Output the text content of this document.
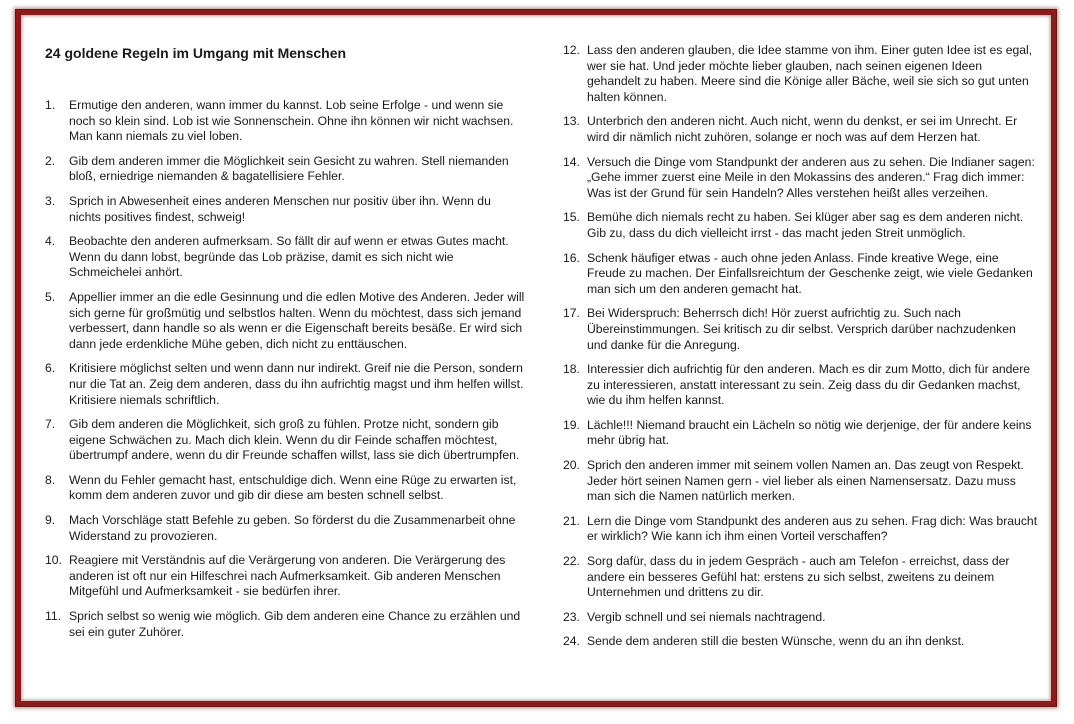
24 goldene Regeln im Umgang mit Menschen
1. Ermutige den anderen, wann immer du kannst. Lob seine Erfolge - und wenn sie noch so klein sind. Lob ist wie Sonnenschein. Ohne ihn können wir nicht wachsen. Man kann niemals zu viel loben.
2. Gib dem anderen immer die Möglichkeit sein Gesicht zu wahren. Stell niemanden bloß, erniedrige niemanden & bagatellisiere Fehler.
3. Sprich in Abwesenheit eines anderen Menschen nur positiv über ihn. Wenn du nichts positives findest, schweig!
4. Beobachte den anderen aufmerksam. So fällt dir auf wenn er etwas Gutes macht. Wenn du dann lobst, begründe das Lob präzise, damit es sich nicht wie Schmeichelei anhört.
5. Appellier immer an die edle Gesinnung und die edlen Motive des Anderen. Jeder will sich gerne für großmütig und selbstlos halten. Wenn du möchtest, dass sich jemand verbessert, dann handle so als wenn er die Eigenschaft bereits besäße. Er wird sich dann jede erdenkliche Mühe geben, dich nicht zu enttäuschen.
6. Kritisiere möglichst selten und wenn dann nur indirekt. Greif nie die Person, sondern nur die Tat an. Zeig dem anderen, dass du ihn aufrichtig magst und ihm helfen willst. Kritisiere niemals schriftlich.
7. Gib dem anderen die Möglichkeit, sich groß zu fühlen. Protze nicht, sondern gib eigene Schwächen zu. Mach dich klein. Wenn du dir Feinde schaffen möchtest, übertrumpf andere, wenn du dir Freunde schaffen willst, lass sie dich übertrumpfen.
8. Wenn du Fehler gemacht hast, entschuldige dich. Wenn eine Rüge zu erwarten ist, komm dem anderen zuvor und gib dir diese am besten schnell selbst.
9. Mach Vorschläge statt Befehle zu geben. So förderst du die Zusammenarbeit ohne Widerstand zu provozieren.
10. Reagiere mit Verständnis auf die Verärgerung von anderen. Die Verärgerung des anderen ist oft nur ein Hilfeschrei nach Aufmerksamkeit. Gib anderen Menschen Mitgefühl und Aufmerksamkeit - sie bedürfen ihrer.
11. Sprich selbst so wenig wie möglich. Gib dem anderen eine Chance zu erzählen und sei ein guter Zuhörer.
12. Lass den anderen glauben, die Idee stamme von ihm. Einer guten Idee ist es egal, wer sie hat. Und jeder möchte lieber glauben, nach seinen eigenen Ideen gehandelt zu haben. Meere sind die Könige aller Bäche, weil sie sich so gut unten halten können.
13. Unterbrich den anderen nicht. Auch nicht, wenn du denkst, er sei im Unrecht. Er wird dir nämlich nicht zuhören, solange er noch was auf dem Herzen hat.
14. Versuch die Dinge vom Standpunkt der anderen aus zu sehen. Die Indianer sagen: „Gehe immer zuerst eine Meile in den Mokassins des anderen.“ Frag dich immer: Was ist der Grund für sein Handeln? Alles verstehen heißt alles verzeihen.
15. Bemühe dich niemals recht zu haben. Sei klüger aber sag es dem anderen nicht. Gib zu, dass du dich vielleicht irrst - das macht jeden Streit unmöglich.
16. Schenk häufiger etwas - auch ohne jeden Anlass. Finde kreative Wege, eine Freude zu machen. Der Einfallsreichtum der Geschenke zeigt, wie viele Gedanken man sich um den anderen gemacht hat.
17. Bei Widerspruch: Beherrsch dich! Hör zuerst aufrichtig zu. Such nach Übereinstimmungen. Sei kritisch zu dir selbst. Versprich darüber nachzudenken und danke für die Anregung.
18. Interessier dich aufrichtig für den anderen. Mach es dir zum Motto, dich für andere zu interessieren, anstatt interessant zu sein. Zeig dass du dir Gedanken machst, wie du ihm helfen kannst.
19. Lächle!!! Niemand braucht ein Lächeln so nötig wie derjenige, der für andere keins mehr übrig hat.
20. Sprich den anderen immer mit seinem vollen Namen an. Das zeugt von Respekt. Jeder hört seinen Namen gern - viel lieber als einen Namensersatz. Dazu muss man sich die Namen natürlich merken.
21. Lern die Dinge vom Standpunkt des anderen aus zu sehen. Frag dich: Was braucht er wirklich? Wie kann ich ihm einen Vorteil verschaffen?
22. Sorg dafür, dass du in jedem Gespräch - auch am Telefon - erreichst, dass der andere ein besseres Gefühl hat: erstens zu sich selbst, zweitens zu deinem Unternehmen und drittens zu dir.
23. Vergib schnell und sei niemals nachtragend.
24. Sende dem anderen still die besten Wünsche, wenn du an ihn denkst.
